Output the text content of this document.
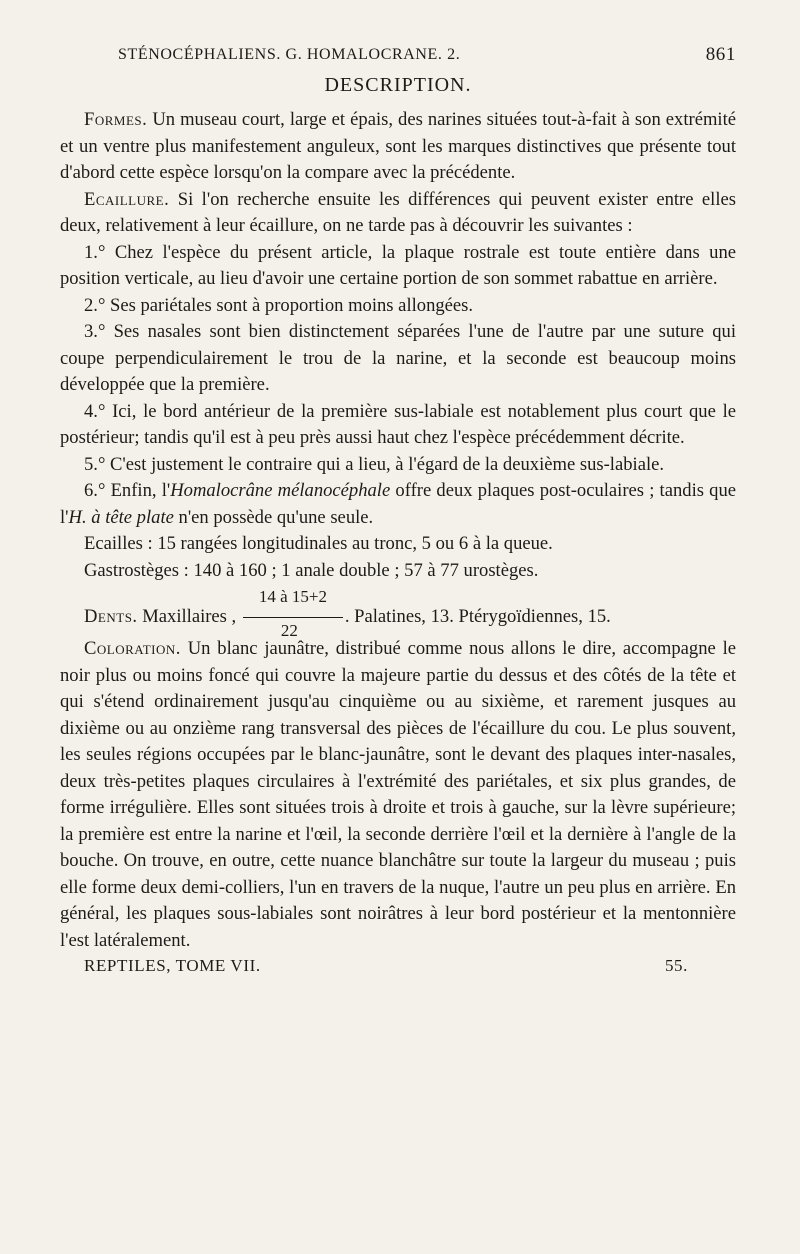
STÉNOCÉPHALIENS. G. HOMALOCRANE. 2.	861
DESCRIPTION.

Formes. Un museau court, large et épais, des narines situées tout-à-fait à son extrémité et un ventre plus manifestement anguleux, sont les marques distinctives que présente tout d'abord cette espèce lorsqu'on la compare avec la précédente.

Ecaillure. Si l'on recherche ensuite les différences qui peuvent exister entre elles deux, relativement à leur écaillure, on ne tarde pas à découvrir les suivantes :

1.° Chez l'espèce du présent article, la plaque rostrale est toute entière dans une position verticale, au lieu d'avoir une certaine portion de son sommet rabattue en arrière.

2.° Ses pariétales sont à proportion moins allongées.

3.° Ses nasales sont bien distinctement séparées l'une de l'autre par une suture qui coupe perpendiculairement le trou de la narine, et la seconde est beaucoup moins développée que la première.

4.° Ici, le bord antérieur de la première sus-labiale est notablement plus court que le postérieur; tandis qu'il est à peu près aussi haut chez l'espèce précédemment décrite.

5.° C'est justement le contraire qui a lieu, à l'égard de la deuxième sus-labiale.

6.° Enfin, l'Homalocrâne mélanocéphale offre deux plaques post-oculaires ; tandis que l'H. à tête plate n'en possède qu'une seule.

Ecailles : 15 rangées longitudinales au tronc, 5 ou 6 à la queue.

Gastrostèges : 140 à 160 ; 1 anale double ; 57 à 77 urostèges.

Dents. Maxillaires , $\frac{14 à 15+2}{22}$ . Palatines, 13. Ptérygoïdiennes, 15.

Coloration. Un blanc jaunâtre, distribué comme nous allons le dire, accompagne le noir plus ou moins foncé qui couvre la majeure partie du dessus et des côtés de la tête et qui s'étend ordinairement jusqu'au cinquième ou au sixième, et rarement jusques au dixième ou au onzième rang transversal des pièces de l'écaillure du cou. Le plus souvent, les seules régions occupées par le blanc-jaunâtre, sont le devant des plaques inter-nasales, deux très-petites plaques circulaires à l'extrémité des pariétales, et six plus grandes, de forme irrégulière. Elles sont situées trois à droite et trois à gauche, sur la lèvre supérieure; la première est entre la narine et l'œil, la seconde derrière l'œil et la dernière à l'angle de la bouche. On trouve, en outre, cette nuance blanchâtre sur toute la largeur du museau ; puis elle forme deux demi-colliers, l'un en travers de la nuque, l'autre un peu plus en arrière. En général, les plaques sous-labiales sont noirâtres à leur bord postérieur et la mentonnière l'est latéralement.

REPTILES, TOME VII.	55.
